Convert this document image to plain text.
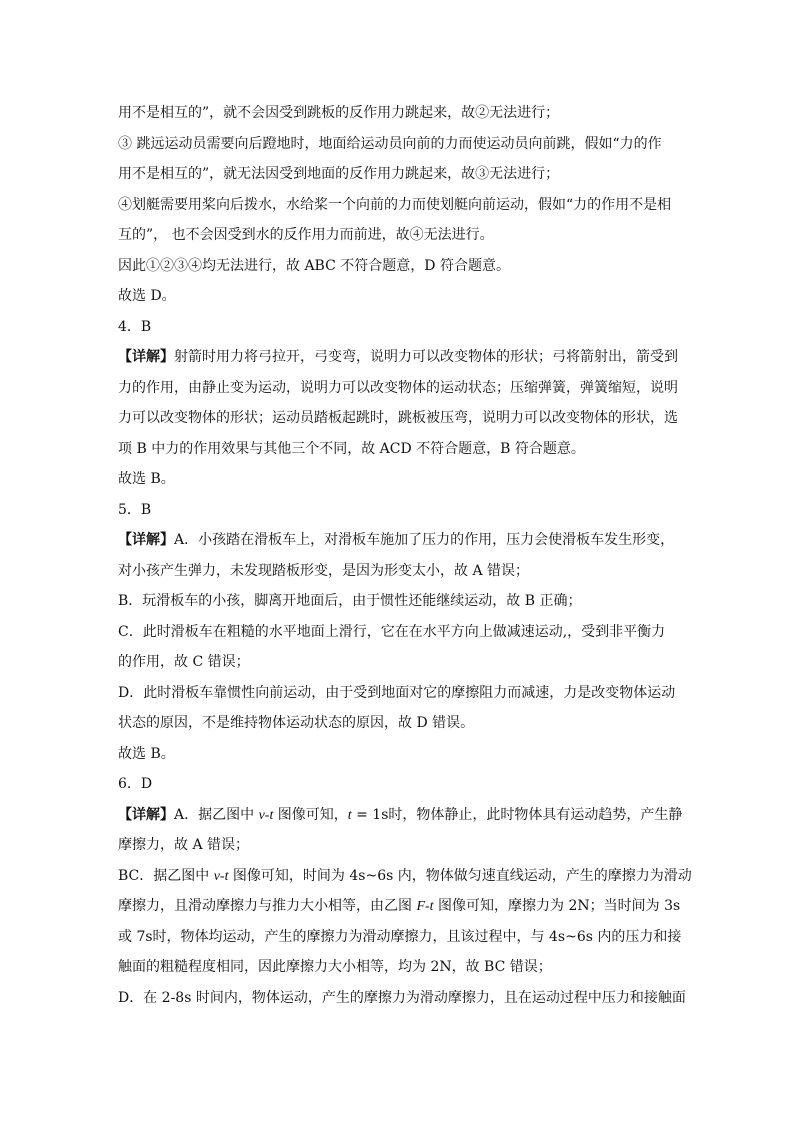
用不是相互的”，就不会因受到跳板的反作用力跳起来，故②无法进行；
③ 跳远运动员需要向后蹬地时，地面给运动员向前的力而使运动员向前跳，假如“力的作
用不是相互的”，就无法因受到地面的反作用力跳起来，故③无法进行；
④划艇需要用桨向后拨水，水给桨一个向前的力而使划艇向前运动，假如“力的作用不是相
互的”， 也不会因受到水的反作用力而前进，故④无法进行。
因此①②③④均无法进行，故 ABC 不符合题意，D 符合题意。
故选 D。
4．B
【详解】射箭时用力将弓拉开，弓变弯，说明力可以改变物体的形状；弓将箭射出，箭受到
力的作用，由静止变为运动，说明力可以改变物体的运动状态；压缩弹簧，弹簧缩短，说明
力可以改变物体的形状；运动员踏板起跳时，跳板被压弯，说明力可以改变物体的形状，选
项 B 中力的作用效果与其他三个不同，故 ACD 不符合题意，B 符合题意。
故选 B。
5．B
【详解】A．小孩踏在滑板车上，对滑板车施加了压力的作用，压力会使滑板车发生形变，
对小孩产生弹力，未发现踏板形变，是因为形变太小，故 A 错误；
B．玩滑板车的小孩，脚离开地面后，由于惯性还能继续运动，故 B 正确；
C．此时滑板车在粗糙的水平地面上滑行，它在在水平方向上做减速运动,，受到非平衡力
的作用，故 C 错误；
D．此时滑板车靠惯性向前运动，由于受到地面对它的摩擦阻力而减速，力是改变物体运动
状态的原因，不是维持物体运动状态的原因，故 D 错误。
故选 B。
6．D
【详解】A．据乙图中 v-t 图像可知，t = 1s时，物体静止，此时物体具有运动趋势，产生静
摩擦力，故 A 错误；
BC．据乙图中 v-t 图像可知，时间为 4s~6s 内，物体做匀速直线运动，产生的摩擦力为滑动
摩擦力，且滑动摩擦力与推力大小相等，由乙图 F-t 图像可知，摩擦力为 2N；当时间为 3s
或 7s时，物体均运动，产生的摩擦力为滑动摩擦力，且该过程中，与 4s~6s 内的压力和接
触面的粗糙程度相同，因此摩擦力大小相等，均为 2N，故 BC 错误；
D．在 2-8s 时间内，物体运动，产生的摩擦力为滑动摩擦力，且在运动过程中压力和接触面
